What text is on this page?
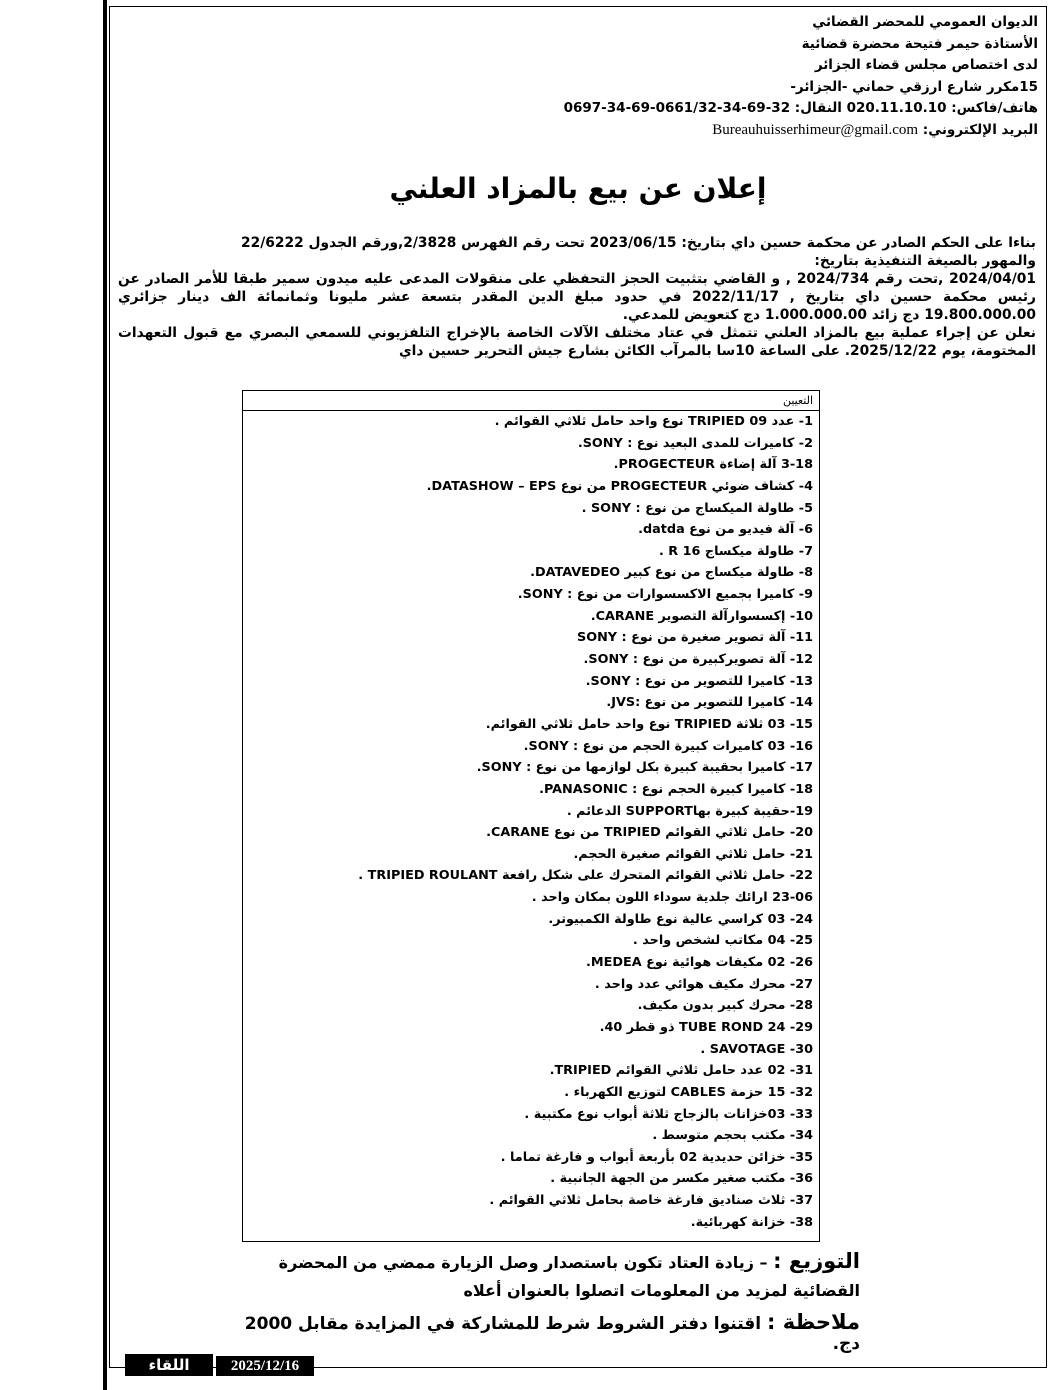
الديوان العمومي للمحضر القضائي
الأستاذة حيمر فتيحة محضرة قضائية
لدى اختصاص مجلس قضاء الجزائر
15مكرر شارع ارزقي حماني -الجزائر-
هاتف/فاكس: 020.11.10.10 النقال: 32-69-34-0661/32-69-34-0697
البريد الإلكتروني: Bureauhuisserhimeur@gmail.com
إعلان عن بيع بالمزاد العلني

بناءا على الحكم الصادر عن محكمة حسين داي بتاريخ: 2023/06/15 تحت رقم الفهرس 2/3828,ورقم الجدول 22/6222

والمهور بالصيغة التنفيذية بتاريخ:

2024/04/01 ,تحت رقم 2024/734 , و القاضي بتثبيت الحجز التحفظي على منقولات المدعى عليه ميدون سمير طبقا للأمر الصادر عن رئيس محكمة حسين داي بتاريخ , 2022/11/17 في حدود مبلغ الدين المقدر بتسعة عشر مليونا وثمانمائة الف دينار جزائري 19.800.000.00 دج زائد 1.000.000.00 دج كتعويض للمدعي.

نعلن عن إجراء عملية بيع بالمزاد العلني تتمثل في عتاد مختلف الآلات الخاصة بالإخراج التلفزيوني للسمعي البصري مع قبول التعهدات المختومة، يوم 2025/12/22. على الساعة 10سا بالمرآب الكائن بشارع جيش التحرير حسين داي

التعيين
1- عدد 09 TRIPIED نوع واحد حامل ثلاثي القوائم .
2- كاميرات للمدى البعيد نوع : SONY.
3-18 آلة إضاءة PROGECTEUR.
4- كشاف ضوئي PROGECTEUR من نوع DATASHOW – EPS.
5- طاولة الميكساج من نوع : SONY .
6- آلة فيديو من نوع datda.
7- طاولة ميكساج R 16 .
8- طاولة ميكساج من نوع كبير DATAVEDEO.
9- كاميرا بجميع الاكسسوارات من نوع : SONY.
10- إكسسوارآلة التصوير CARANE.
11- آلة تصوير صغيرة من نوع : SONY
12- آلة تصويركبيرة من نوع : SONY.
13- كاميرا للتصوير من نوع : SONY.
14- كاميرا للتصوير من نوع :JVS.
15- 03 ثلاثة TRIPIED نوع واحد حامل ثلاثي القوائم.
16- 03 كاميرات كبيرة الحجم من نوع : SONY.
17- كاميرا بحقيبة كبيرة بكل لوازمها من نوع : SONY.
18- كاميرا كبيرة الحجم نوع : PANASONIC.
19-حقيبة كبيرة بهاSUPPORT الدعائم .
20- حامل ثلاثي القوائم TRIPIED من نوع CARANE.
21- حامل ثلاثي القوائم صغيرة الحجم.
22- حامل ثلاثي القوائم المتحرك على شكل رافعة TRIPIED ROULANT .
23-06 ارائك جلدية سوداء اللون بمكان واحد .
24- 03 كراسي عالية نوع طاولة الكمبيوتر.
25- 04 مكاتب لشخص واحد .
26- 02 مكيفات هوائية نوع MEDEA.
27- محرك مكيف هوائي عدد واحد .
28- محرك كبير بدون مكيف.
29- TUBE ROND 24 ذو قطر 40.
30- SAVOTAGE .
31- 02 عدد حامل ثلاثي القوائم TRIPIED.
32- 15 حزمة CABLES لتوزيع الكهرباء .
33- 03خزانات بالزجاج ثلاثة أبواب نوع مكتبية .
34- مكتب بحجم متوسط .
35- خزائن حديدية 02 بأربعة أبواب و فارغة تماما .
36- مكتب صغير مكسر من الجهة الجانبية .
37- ثلاث صناديق فارغة خاصة بحامل ثلاثي القوائم .
38- خزانة كهربائية.
التوزيع : – زيادة العتاد تكون باستصدار وصل الزيارة ممضي من المحضرة القضائية لمزيد من المعلومات اتصلوا بالعنوان أعلاه
ملاحظة : اقتنوا دفتر الشروط شرط للمشاركة في المزايدة مقابل 2000 دج.
2025/12/16
اللقاء
